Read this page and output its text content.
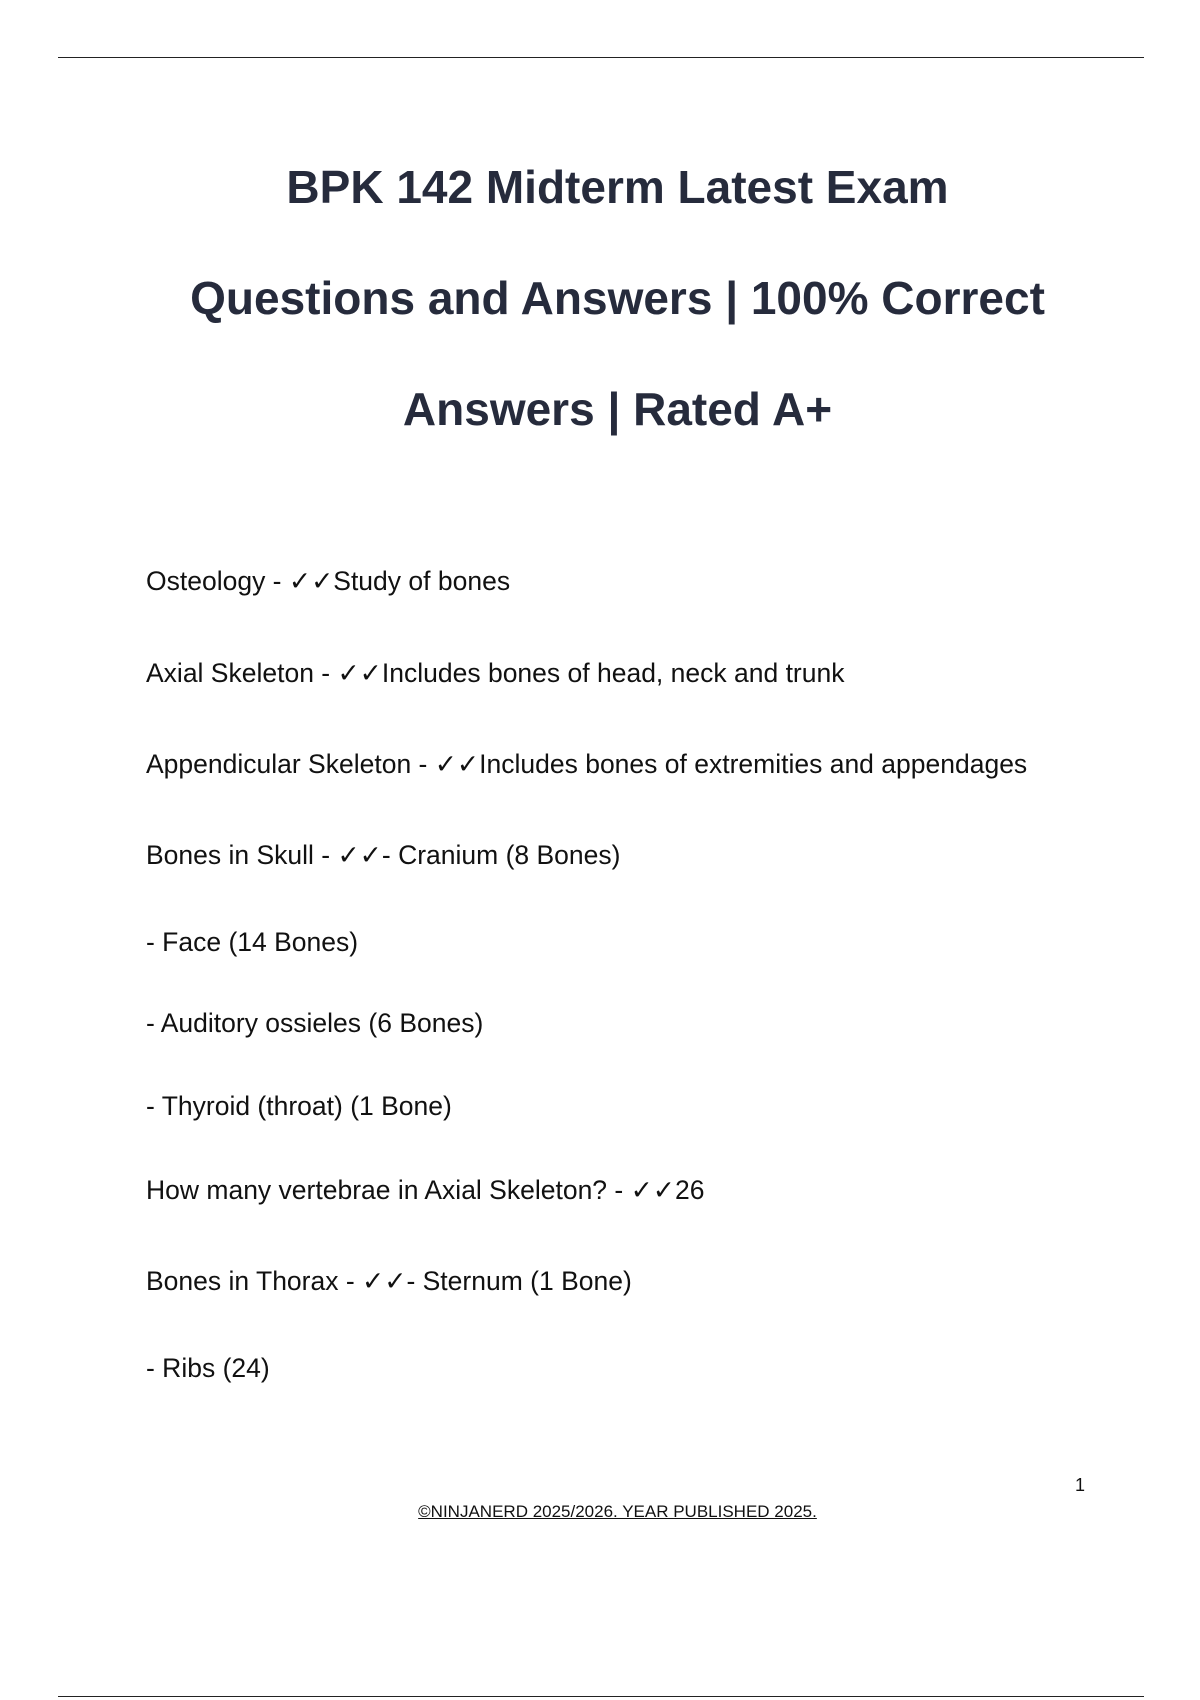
BPK 142 Midterm Latest Exam
Questions and Answers | 100% Correct
Answers | Rated A+
Osteology - ✓✓Study of bones
Axial Skeleton - ✓✓Includes bones of head, neck and trunk
Appendicular Skeleton - ✓✓Includes bones of extremities and appendages
Bones in Skull - ✓✓- Cranium (8 Bones)
- Face (14 Bones)
- Auditory ossieles (6 Bones)
- Thyroid (throat) (1 Bone)
How many vertebrae in Axial Skeleton? - ✓✓26
Bones in Thorax - ✓✓- Sternum (1 Bone)
- Ribs (24)
1
©NINJANERD 2025/2026. YEAR PUBLISHED 2025.
